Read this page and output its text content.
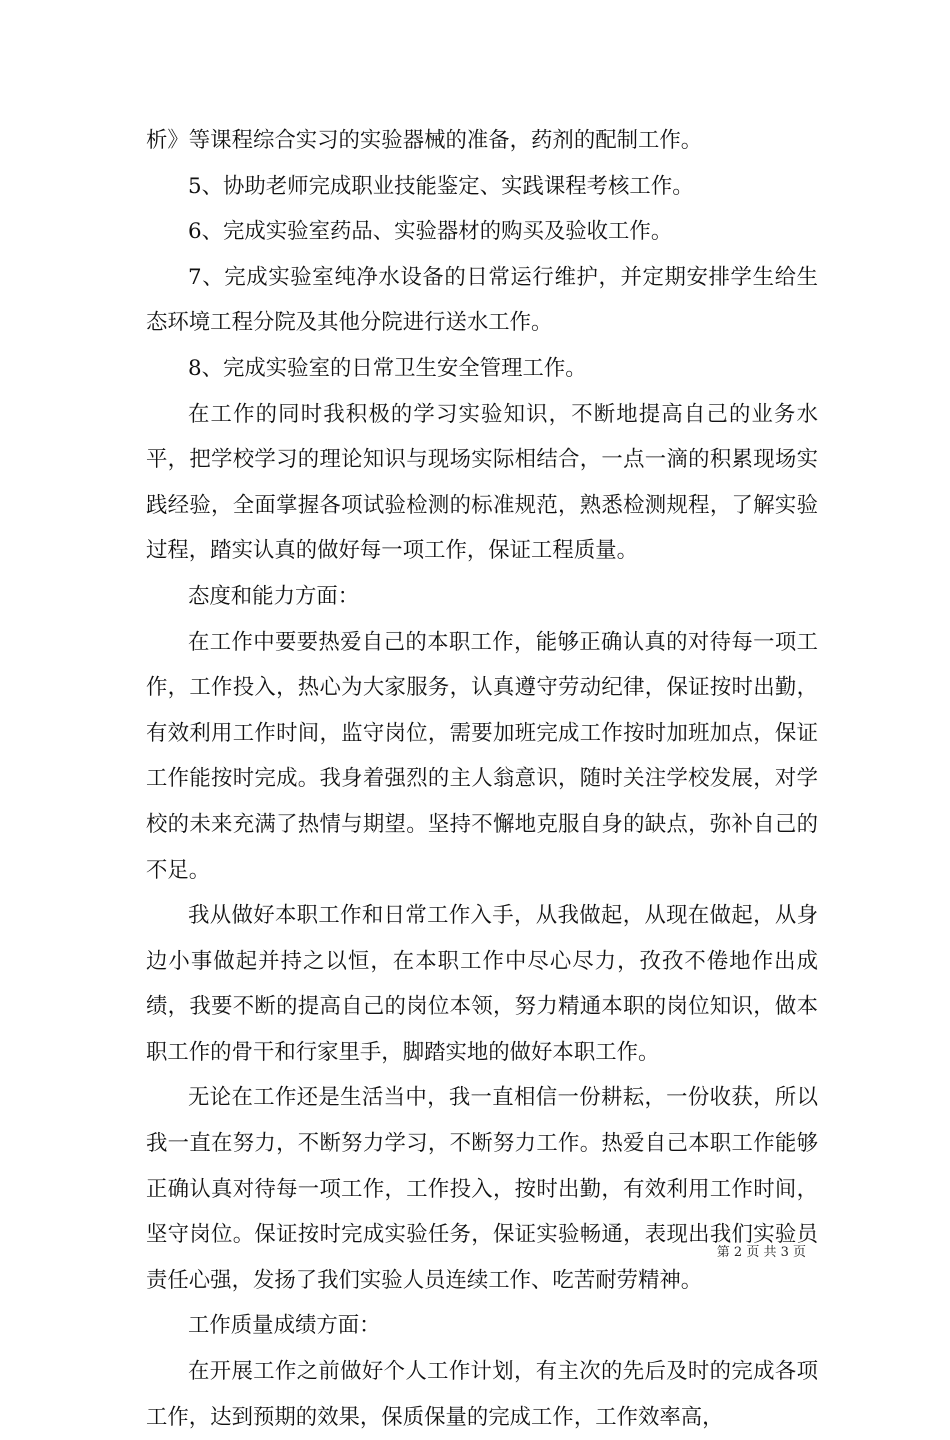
析》等课程综合实习的实验器械的准备，药剂的配制工作。

5、协助老师完成职业技能鉴定、实践课程考核工作。

6、完成实验室药品、实验器材的购买及验收工作。

7、完成实验室纯净水设备的日常运行维护，并定期安排学生给生态环境工程分院及其他分院进行送水工作。

8、完成实验室的日常卫生安全管理工作。

在工作的同时我积极的学习实验知识，不断地提高自己的业务水平，把学校学习的理论知识与现场实际相结合，一点一滴的积累现场实践经验，全面掌握各项试验检测的标准规范，熟悉检测规程，了解实验过程，踏实认真的做好每一项工作，保证工程质量。

态度和能力方面：

在工作中要要热爱自己的本职工作，能够正确认真的对待每一项工作，工作投入，热心为大家服务，认真遵守劳动纪律，保证按时出勤，有效利用工作时间，监守岗位，需要加班完成工作按时加班加点，保证工作能按时完成。我身着强烈的主人翁意识，随时关注学校发展，对学校的未来充满了热情与期望。坚持不懈地克服自身的缺点，弥补自己的不足。

我从做好本职工作和日常工作入手，从我做起，从现在做起，从身边小事做起并持之以恒，在本职工作中尽心尽力，孜孜不倦地作出成绩，我要不断的提高自己的岗位本领，努力精通本职的岗位知识，做本职工作的骨干和行家里手，脚踏实地的做好本职工作。

无论在工作还是生活当中，我一直相信一份耕耘，一份收获，所以我一直在努力，不断努力学习，不断努力工作。热爱自己本职工作能够正确认真对待每一项工作，工作投入，按时出勤，有效利用工作时间，坚守岗位。保证按时完成实验任务，保证实验畅通，表现出我们实验员责任心强，发扬了我们实验人员连续工作、吃苦耐劳精神。

工作质量成绩方面：

在开展工作之前做好个人工作计划，有主次的先后及时的完成各项工作，达到预期的效果，保质保量的完成工作，工作效率高，

第 2 页 共 3 页
